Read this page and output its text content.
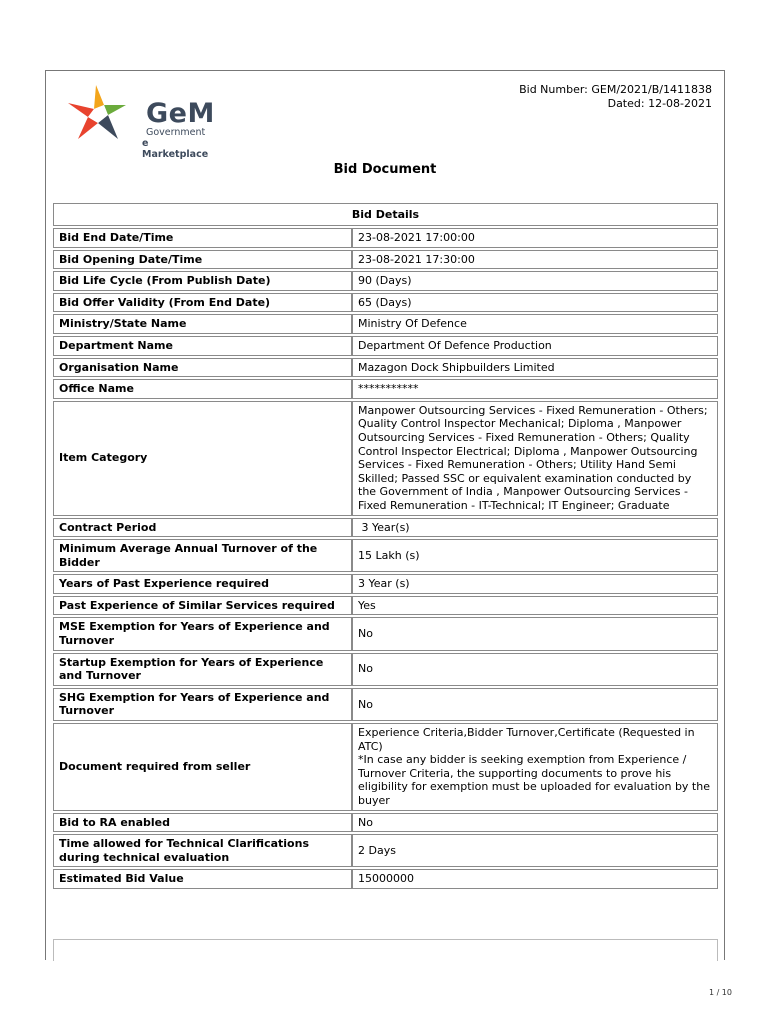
GeM
Government
e Marketplace
Bid Number: GEM/2021/B/1411838
Dated: 12-08-2021
Bid Document
Bid Details	
Bid End Date/Time	23-08-2021 17:00:00
Bid Opening Date/Time	23-08-2021 17:30:00
Bid Life Cycle (From Publish Date)	90 (Days)
Bid Offer Validity (From End Date)	65 (Days)
Ministry/State Name	Ministry Of Defence
Department Name	Department Of Defence Production
Organisation Name	Mazagon Dock Shipbuilders Limited
Office Name	***********
Item Category	Manpower Outsourcing Services - Fixed Remuneration - Others; Quality Control Inspector Mechanical; Diploma , Manpower Outsourcing Services - Fixed Remuneration - Others; Quality Control Inspector Electrical; Diploma , Manpower Outsourcing Services - Fixed Remuneration - Others; Utility Hand Semi Skilled; Passed SSC or equivalent examination conducted by the Government of India , Manpower Outsourcing Services - Fixed Remuneration - IT-Technical; IT Engineer; Graduate
Contract Period	3 Year(s)
Minimum Average Annual Turnover of the Bidder	15 Lakh (s)
Years of Past Experience required	3 Year (s)
Past Experience of Similar Services required	Yes
MSE Exemption for Years of Experience and Turnover	No
Startup Exemption for Years of Experience and Turnover	No
SHG Exemption for Years of Experience and Turnover	No
Document required from seller	Experience Criteria,Bidder Turnover,Certificate (Requested in ATC)
*In case any bidder is seeking exemption from Experience / Turnover Criteria, the supporting documents to prove his eligibility for exemption must be uploaded for evaluation by the buyer
Bid to RA enabled	No
Time allowed for Technical Clarifications during technical evaluation	2 Days
Estimated Bid Value	15000000
1 / 10
